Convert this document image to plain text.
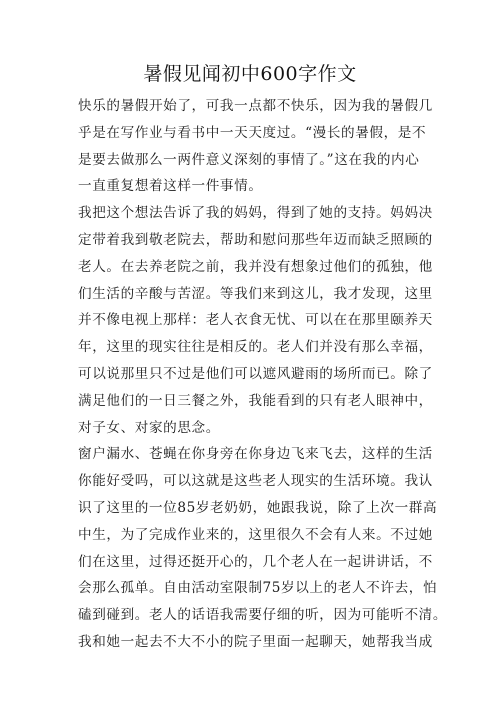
暑假见闻初中600字作文
快乐的暑假开始了，可我一点都不快乐，因为我的暑假几
乎是在写作业与看书中一天天度过。“漫长的暑假，是不
是要去做那么一两件意义深刻的事情了。”这在我的内心
一直重复想着这样一件事情。
我把这个想法告诉了我的妈妈，得到了她的支持。妈妈决
定带着我到敬老院去，帮助和慰问那些年迈而缺乏照顾的
老人。在去养老院之前，我并没有想象过他们的孤独，他
们生活的辛酸与苦涩。等我们来到这儿，我才发现，这里
并不像电视上那样：老人衣食无忧、可以在在那里颐养天
年，这里的现实往往是相反的。老人们并没有那么幸福，
可以说那里只不过是他们可以遮风避雨的场所而已。除了
满足他们的一日三餐之外，我能看到的只有老人眼神中，
对子女、对家的思念。
窗户漏水、苍蝇在你身旁在你身边飞来飞去，这样的生活
你能好受吗，可以这就是这些老人现实的生活环境。我认
识了这里的一位85岁老奶奶，她跟我说，除了上次一群高
中生，为了完成作业来的，这里很久不会有人来。不过她
们在这里，过得还挺开心的，几个老人在一起讲讲话，不
会那么孤单。自由活动室限制75岁以上的老人不许去，怕
磕到碰到。老人的话语我需要仔细的听，因为可能听不清。
我和她一起去不大不小的院子里面一起聊天，她帮我当成
